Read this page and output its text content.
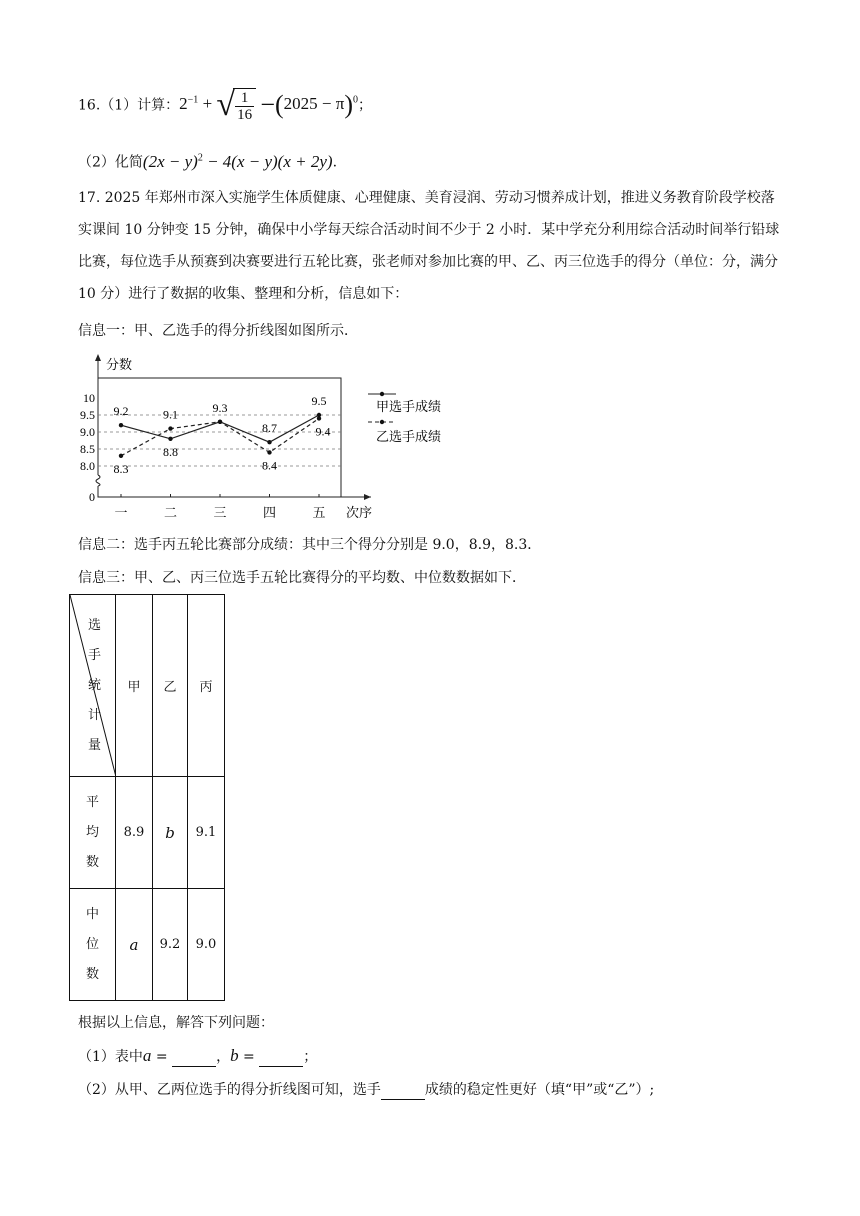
16.（1）计算：$2^{-1}$ + √ $\frac{1}{16} -(2025 - \pi)^0$；
（2）化简$(2x - y)^2 - 4(x - y)(x + 2y)$.
17. 2025 年郑州市深入实施学生体质健康、心理健康、美育浸润、劳动习惯养成计划，推进义务教育阶段学校落实课间 10 分钟变 15 分钟，确保中小学每天综合活动时间不少于 2 小时．某中学充分利用综合活动时间举行铅球比赛，每位选手从预赛到决赛要进行五轮比赛，张老师对参加比赛的甲、乙、丙三位选手的得分（单位：分，满分 10 分）进行了数据的收集、整理和分析，信息如下：
信息一：甲、乙选手的得分折线图如图所示．
分数
8.0
8.5
9.0
9.5
10
0
一	二	三	四	五 次序
9.2
8.8
9.3
8.7
9.5
8.3
9.1
8.4
9.4
甲选手成绩
乙选手成绩
信息二：选手丙五轮比赛部分成绩：其中三个得分分别是 9.0，8.9，8.3．
信息三：甲、乙、丙三位选手五轮比赛得分的平均数、中位数数据如下．
选
手
统
计
量	甲	乙	丙

平
均
数	8.9	b	9.1

中
位
数	a	9.2	9.0
根据以上信息，解答下列问题：
（1）表中a =	，b =	；
（2）从甲、乙两位选手的得分折线图可知，选手	成绩的稳定性更好（填“甲”或“乙”）;
